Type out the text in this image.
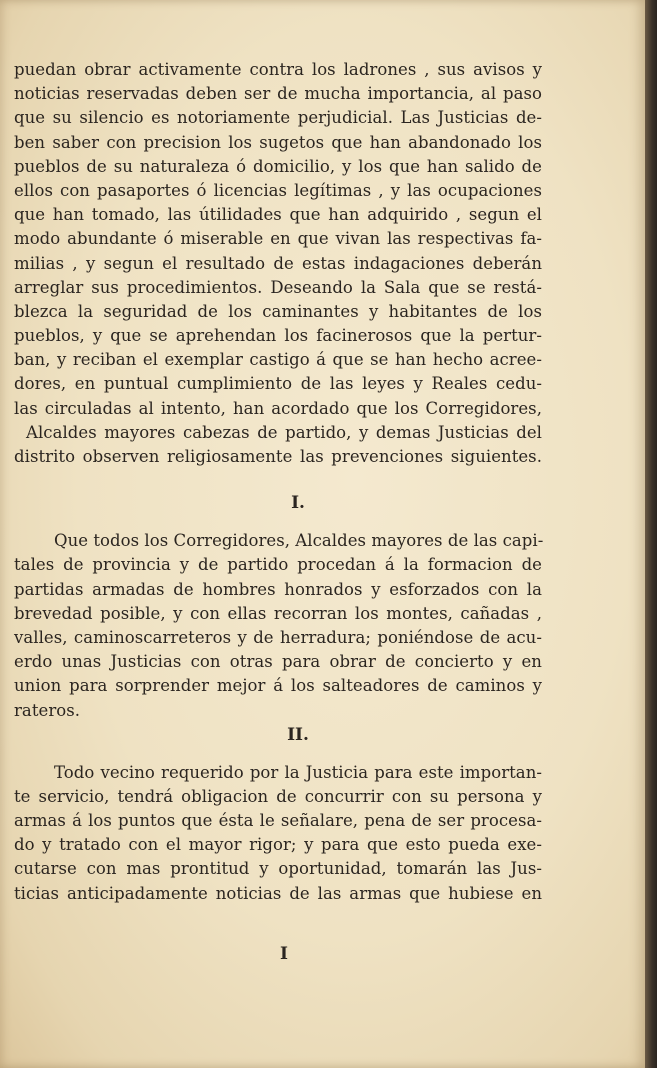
puedan obrar activamente contra los ladrones , sus avisos y
noticias reservadas deben ser de mucha importancia, al paso
que su silencio es notoriamente perjudicial. Las Justicias de-
ben saber con precision los sugetos que han abandonado los
pueblos de su naturaleza ó domicilio, y los que han salido de
ellos con pasaportes ó licencias legítimas , y las ocupaciones
que han tomado, las útilidades que han adquirido , segun el
modo abundante ó miserable en que vivan las respectivas fa-
milias , y segun el resultado de estas indagaciones deberán
arreglar sus procedimientos. Deseando la Sala que se restá-
blezca la seguridad de los caminantes y habitantes de los
pueblos, y que se aprehendan los facinerosos que la pertur-
ban, y reciban el exemplar castigo á que se han hecho acree-
dores, en puntual cumplimiento de las leyes y Reales cedu-
las circuladas al intento, han acordado que los Corregidores,
Alcaldes mayores cabezas de partido, y demas Justicias del
distrito observen religiosamente las prevenciones siguientes.
I.
Que todos los Corregidores, Alcaldes mayores de las capi-
tales de provincia y de partido procedan á la formacion de
partidas armadas de hombres honrados y esforzados con la
brevedad posible, y con ellas recorran los montes, cañadas ,
valles, caminoscarreteros y de herradura; poniéndose de acu-
erdo unas Justicias con otras para obrar de concierto y en
union para sorprender mejor á los salteadores de caminos y
rateros.
II.
Todo vecino requerido por la Justicia para este importan-
te servicio, tendrá obligacion de concurrir con su persona y
armas á los puntos que ésta le señalare, pena de ser procesa-
do y tratado con el mayor rigor; y para que esto pueda exe-
cutarse con mas prontitud y oportunidad, tomarán las Jus-
ticias anticipadamente noticias de las armas que hubiese en
I
